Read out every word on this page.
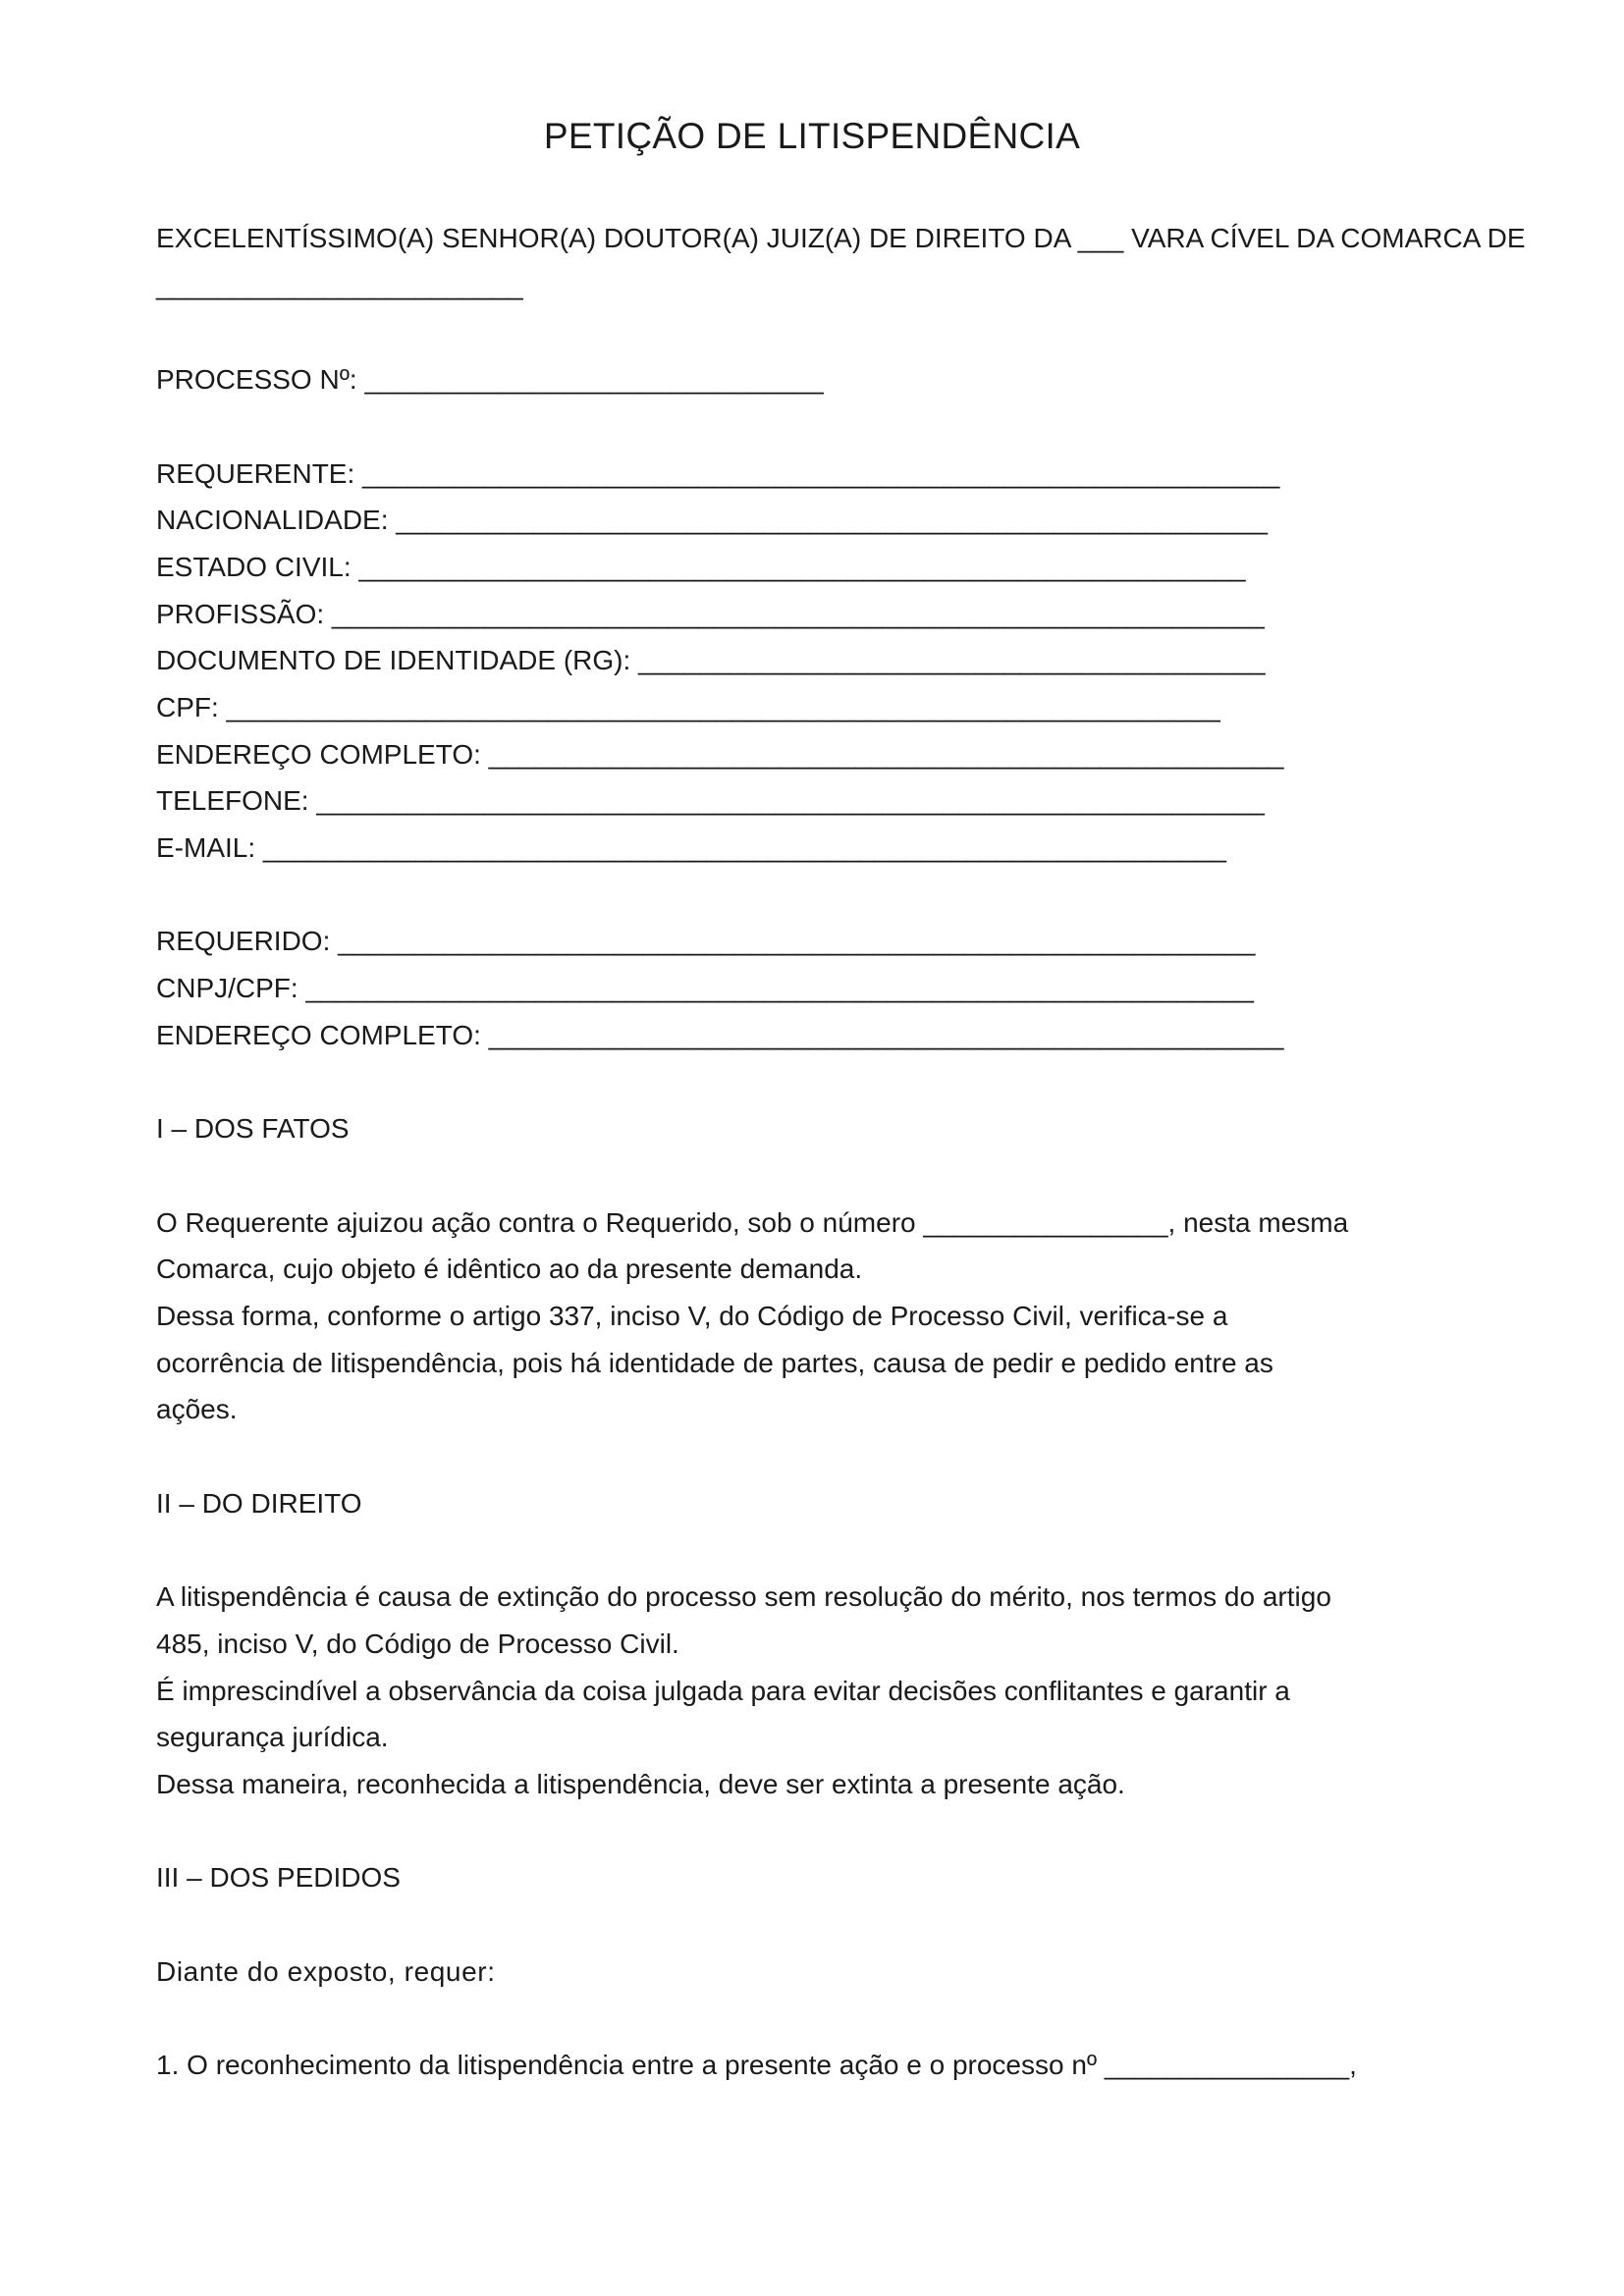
PETIÇÃO DE LITISPENDÊNCIA
EXCELENTÍSSIMO(A) SENHOR(A) DOUTOR(A) JUIZ(A) DE DIREITO DA ___ VARA CÍVEL DA COMARCA DE
________________________
PROCESSO Nº: ______________________________
REQUERENTE: ____________________________________________________________
NACIONALIDADE: _________________________________________________________
ESTADO CIVIL: __________________________________________________________
PROFISSÃO: _____________________________________________________________
DOCUMENTO DE IDENTIDADE (RG): _________________________________________
CPF: _________________________________________________________________
ENDEREÇO COMPLETO: ____________________________________________________
TELEFONE: ______________________________________________________________
E-MAIL: _______________________________________________________________
REQUERIDO: ____________________________________________________________
CNPJ/CPF: ______________________________________________________________
ENDEREÇO COMPLETO: ____________________________________________________
I – DOS FATOS
O Requerente ajuizou ação contra o Requerido, sob o número ________________, nesta mesma
Comarca, cujo objeto é idêntico ao da presente demanda.
Dessa forma, conforme o artigo 337, inciso V, do Código de Processo Civil, verifica-se a
ocorrência de litispendência, pois há identidade de partes, causa de pedir e pedido entre as
ações.
II – DO DIREITO
A litispendência é causa de extinção do processo sem resolução do mérito, nos termos do artigo
485, inciso V, do Código de Processo Civil.
É imprescindível a observância da coisa julgada para evitar decisões conflitantes e garantir a
segurança jurídica.
Dessa maneira, reconhecida a litispendência, deve ser extinta a presente ação.
III – DOS PEDIDOS
Diante do exposto, requer:
1. O reconhecimento da litispendência entre a presente ação e o processo nº ________________,
